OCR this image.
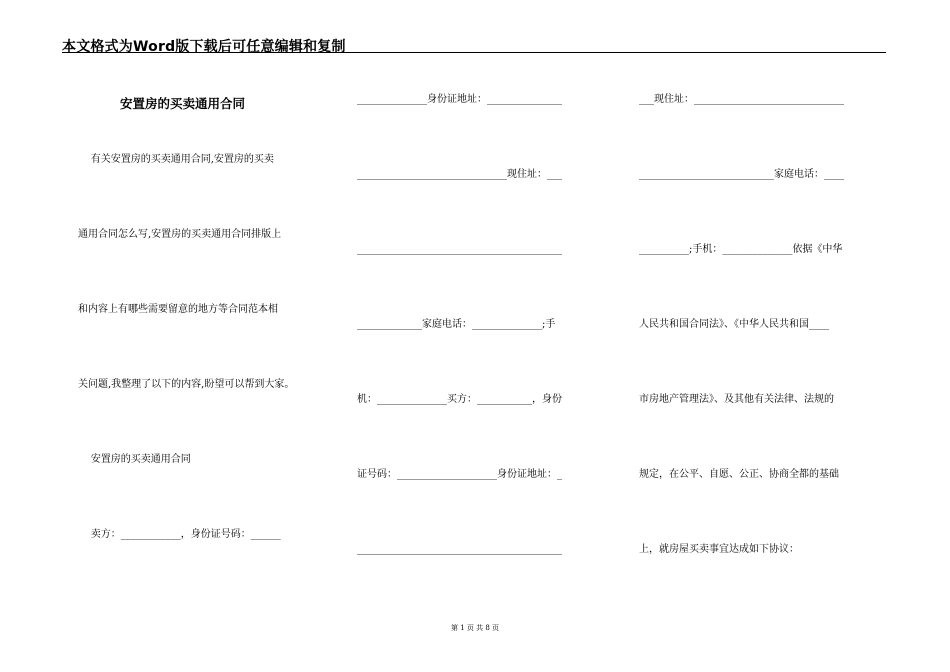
本文格式为Word版下载后可任意编辑和复制
安置房的买卖通用合同
有关安置房的买卖通用合同,安置房的买卖
通用合同怎么写,安置房的买卖通用合同排版上
和内容上有哪些需要留意的地方等合同范本相
关问题,我整理了以下的内容,盼望可以帮到大家。
安置房的买卖通用合同
卖方：____________，身份证号码：______
______________身份证地址：_______________
______________________________现住址：___
_________________________________________
_____________家庭电话：______________;手
机：______________买方：___________，身份
证号码：____________________身份证地址：_
_________________________________________
___现住址：______________________________
___________________________家庭电话：____
__________;手机：______________依据《中华
人民共和国合同法》、《中华人民共和国____
市房地产管理法》、及其他有关法律、法规的
规定，在公平、自愿、公正、协商全都的基础
上，就房屋买卖事宜达成如下协议：
第 1 页 共 8 页
